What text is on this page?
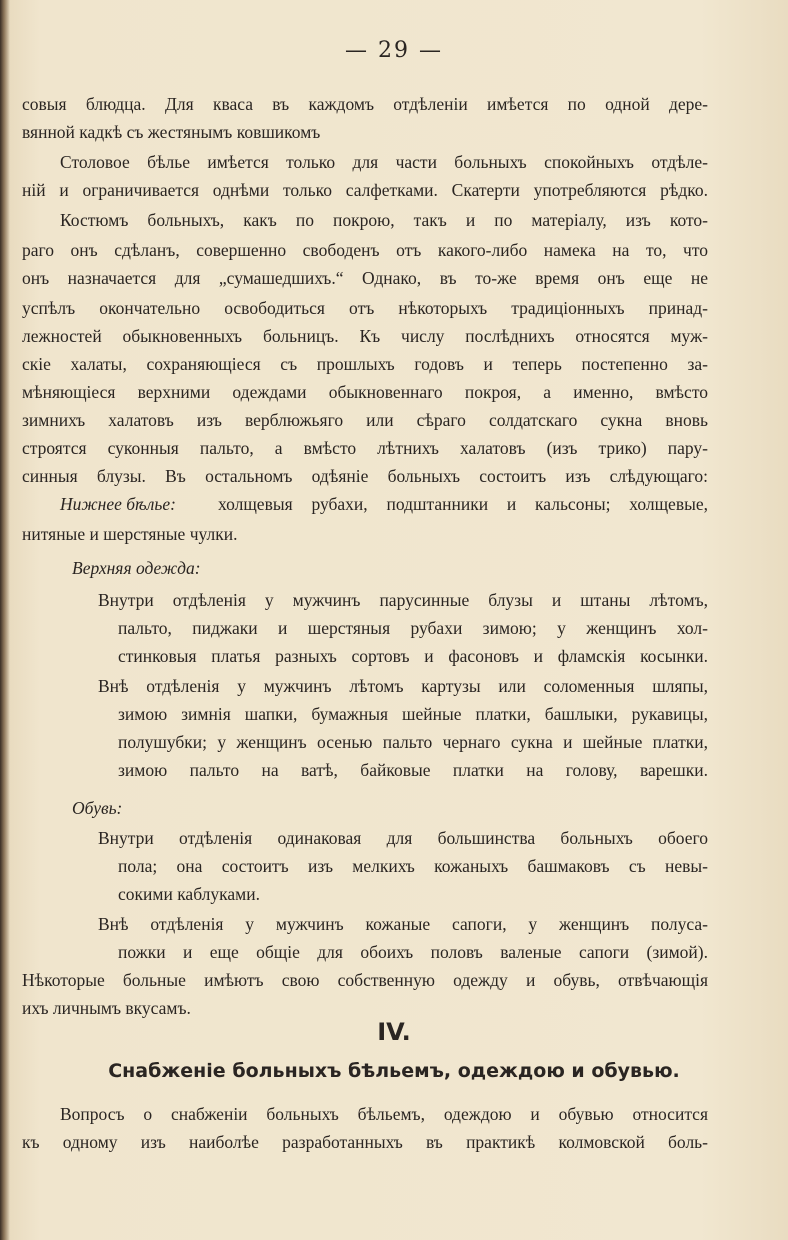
— 29 —
совыя блюдца. Для кваса въ каждомъ отдѣленіи имѣется по одной дере-
вянной кадкѣ съ жестянымъ ковшикомъ
Столовое бѣлье имѣется только для части больныхъ спокойныхъ отдѣле-
ній и ограничивается однѣми только салфетками. Скатерти употребляются рѣдко.
Костюмъ больныхъ, какъ по покрою, такъ и по матеріалу, изъ кото-
раго онъ сдѣланъ, совершенно свободенъ отъ какого-либо намека на то, что
онъ назначается для „сумашедшихъ.“ Однако, въ то-же время онъ еще не
успѣлъ окончательно освободиться отъ нѣкоторыхъ традиціонныхъ принад-
лежностей обыкновенныхъ больницъ. Къ числу послѣднихъ относятся муж-
скіе халаты, сохраняющіеся съ прошлыхъ годовъ и теперь постепенно за-
мѣняющіеся верхними одеждами обыкновеннаго покроя, а именно, вмѣсто
зимнихъ халатовъ изъ верблюжьяго или сѣраго солдатскаго сукна вновь
строятся суконныя пальто, а вмѣсто лѣтнихъ халатовъ (изъ трико) пару-
синныя блузы. Въ остальномъ одѣяніе больныхъ состоитъ изъ слѣдующаго:
Нижнее бѣлье:	холщевыя рубахи, подштанники и кальсоны; холщевые,
нитяные и шерстяные чулки.
Верхняя одежда:
Внутри отдѣленія у мужчинъ парусинные блузы и штаны лѣтомъ,
пальто, пиджаки и шерстяныя рубахи зимою; у женщинъ хол-
стинковыя платья разныхъ сортовъ и фасоновъ и фламскія косынки.
Внѣ отдѣленія у мужчинъ лѣтомъ картузы или соломенныя шляпы,
зимою зимнія шапки, бумажныя шейные платки, башлыки, рукавицы,
полушубки; у женщинъ осенью пальто чернаго сукна и шейные платки,
зимою пальто на ватѣ, байковые платки на голову, варешки.
Обувь:
Внутри отдѣленія одинаковая для большинства больныхъ обоего
пола; она состоитъ изъ мелкихъ кожаныхъ башмаковъ съ невы-
сокими каблуками.
Внѣ отдѣленія у мужчинъ кожаные сапоги, у женщинъ полуса-
пожки и еще общіе для обоихъ половъ валеные сапоги (зимой).
Нѣкоторые больные имѣютъ свою собственную одежду и обувь, отвѣчающія
ихъ личнымъ вкусамъ.
IV.
Снабженіе больныхъ бѣльемъ, одеждою и обувью.
Вопросъ о снабженіи больныхъ бѣльемъ, одеждою и обувью относится
къ одному изъ наиболѣе разработанныхъ въ практикѣ колмовской боль-
